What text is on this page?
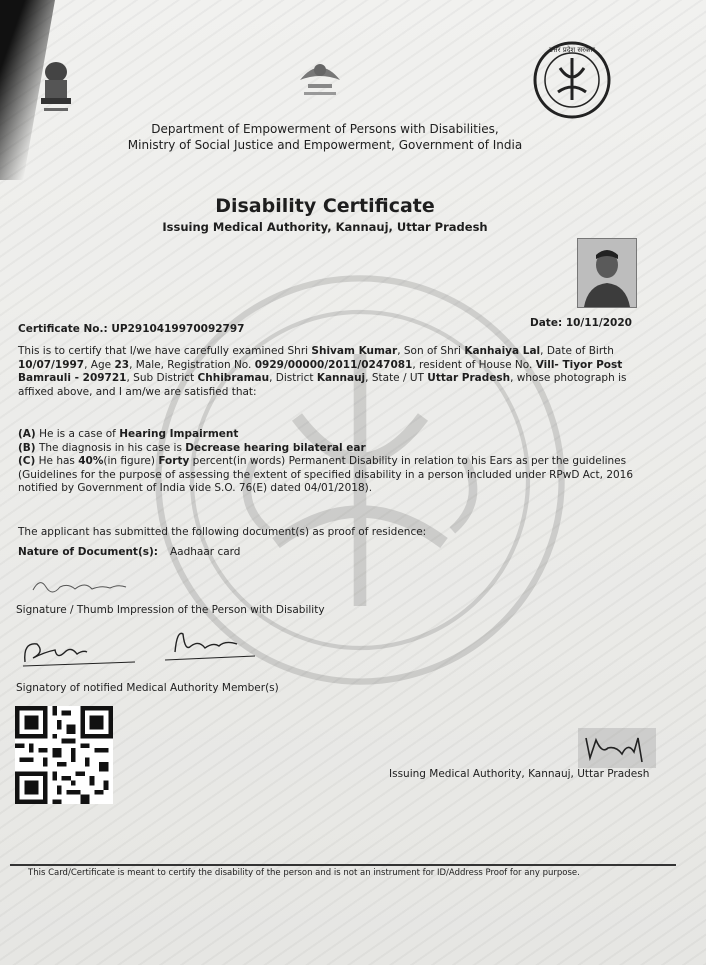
उत्तर प्रदेश सरकार
Department of Empowerment of Persons with Disabilities,
Ministry of Social Justice and Empowerment, Government of India
Disability Certificate
Issuing Medical Authority, Kannauj, Uttar Pradesh
Certificate No.: UP2910419970092797	Date: 10/11/2020
This is to certify that I/we have carefully examined Shri Shivam Kumar, Son of Shri Kanhaiya Lal, Date of Birth 10/07/1997, Age 23, Male, Registration No. 0929/00000/2011/0247081, resident of House No. Vill- Tiyor Post Bamrauli - 209721, Sub District Chhibramau, District Kannauj, State / UT Uttar Pradesh, whose photograph is affixed above, and I am/we are satisfied that:
(A) He is a case of Hearing Impairment
(B) The diagnosis in his case is Decrease hearing bilateral ear
(C) He has 40%(in figure) Forty percent(in words) Permanent Disability in relation to his Ears as per the guidelines (Guidelines for the purpose of assessing the extent of specified disability in a person included under RPwD Act, 2016 notified by Government of India vide S.O. 76(E) dated 04/01/2018).
The applicant has submitted the following document(s) as proof of residence:
Nature of Document(s): Aadhaar card
Signature / Thumb Impression of the Person with Disability
Signatory of notified Medical Authority Member(s)
Issuing Medical Authority, Kannauj, Uttar Pradesh
This Card/Certificate is meant to certify the disability of the person and is not an instrument for ID/Address Proof for any purpose.
